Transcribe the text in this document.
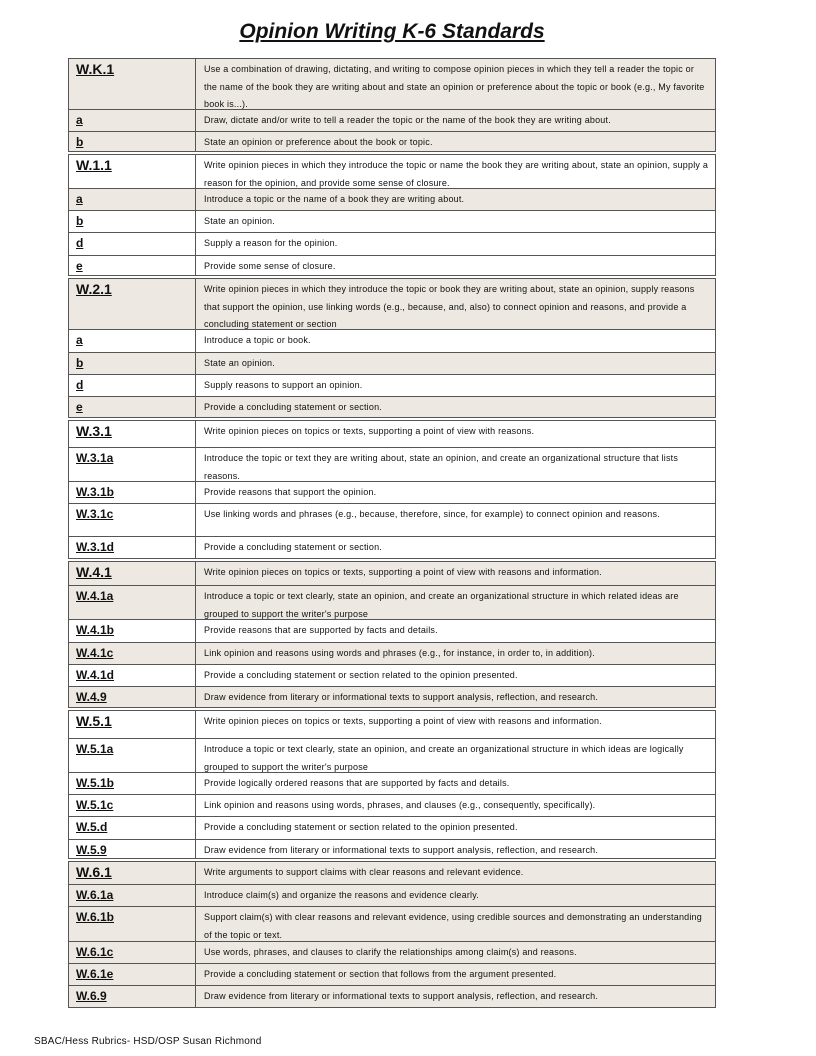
Opinion Writing K-6 Standards
W.K.1	Use a combination of drawing, dictating, and writing to compose opinion pieces in which they tell a reader the topic or the name of the book they are writing about and state an opinion or preference about the topic or book (e.g., My favorite book is...).
a	Draw, dictate and/or write to tell a reader the topic or the name of the book they are writing about.
b	State an opinion or preference about the book or topic.
W.1.1	Write opinion pieces in which they introduce the topic or name the book they are writing about, state an opinion, supply a reason for the opinion, and provide some sense of closure.
a	Introduce a topic or the name of a book they are writing about.
b	State an opinion.
d	Supply a reason for the opinion.
e	Provide some sense of closure.
W.2.1	Write opinion pieces in which they introduce the topic or book they are writing about, state an opinion, supply reasons that support the opinion, use linking words (e.g., because, and, also) to connect opinion and reasons, and provide a concluding statement or section
a	Introduce a topic or book.
b	State an opinion.
d	Supply reasons to support an opinion.
e	Provide a concluding statement or section.
W.3.1	Write opinion pieces on topics or texts, supporting a point of view with reasons.
W.3.1a	Introduce the topic or text they are writing about, state an opinion, and create an organizational structure that lists reasons.
W.3.1b	Provide reasons that support the opinion.
W.3.1c	Use linking words and phrases (e.g., because, therefore, since, for example) to connect opinion and reasons.
W.3.1d	Provide a concluding statement or section.
W.4.1	Write opinion pieces on topics or texts, supporting a point of view with reasons and information.
W.4.1a	Introduce a topic or text clearly, state an opinion, and create an organizational structure in which related ideas are grouped to support the writer's purpose
W.4.1b	Provide reasons that are supported by facts and details.
W.4.1c	Link opinion and reasons using words and phrases (e.g., for instance, in order to, in addition).
W.4.1d	Provide a concluding statement or section related to the opinion presented.
W.4.9	Draw evidence from literary or informational texts to support analysis, reflection, and research.
W.5.1	Write opinion pieces on topics or texts, supporting a point of view with reasons and information.
W.5.1a	Introduce a topic or text clearly, state an opinion, and create an organizational structure in which ideas are logically grouped to support the writer's purpose
W.5.1b	Provide logically ordered reasons that are supported by facts and details.
W.5.1c	Link opinion and reasons using words, phrases, and clauses (e.g., consequently, specifically).
W.5.d	Provide a concluding statement or section related to the opinion presented.
W.5.9	Draw evidence from literary or informational texts to support analysis, reflection, and research.
W.6.1	Write arguments to support claims with clear reasons and relevant evidence.
W.6.1a	Introduce claim(s) and organize the reasons and evidence clearly.
W.6.1b	Support claim(s) with clear reasons and relevant evidence, using credible sources and demonstrating an understanding of the topic or text.
W.6.1c	Use words, phrases, and clauses to clarify the relationships among claim(s) and reasons.
W.6.1e	Provide a concluding statement or section that follows from the argument presented.
W.6.9	Draw evidence from literary or informational texts to support analysis, reflection, and research.
SBAC/Hess Rubrics- HSD/OSP Susan Richmond
